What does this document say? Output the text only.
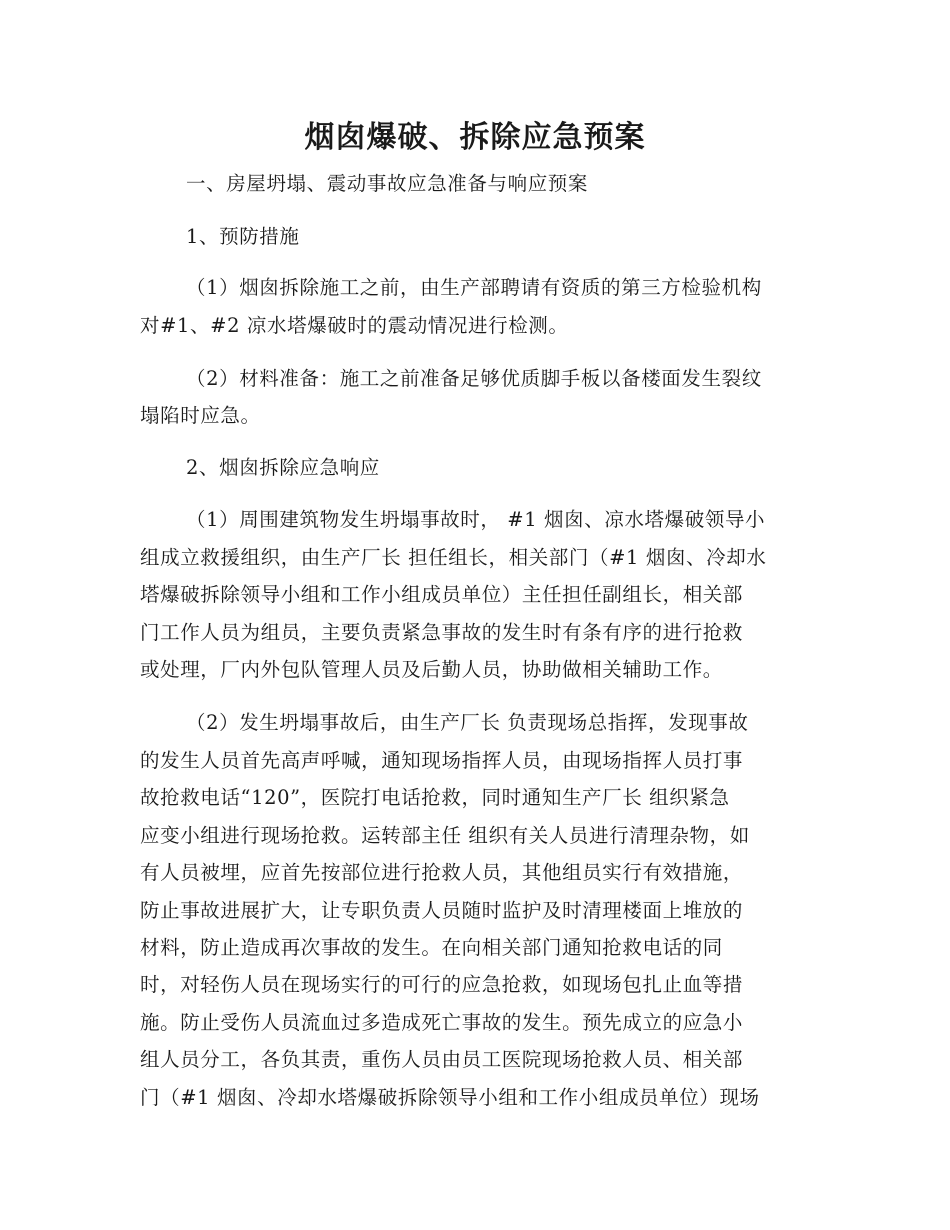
烟囱爆破、拆除应急预案
一、房屋坍塌、震动事故应急准备与响应预案
1、预防措施
（1）烟囱拆除施工之前，由生产部聘请有资质的第三方检验机构
对#1、#2 凉水塔爆破时的震动情况进行检测。
（2）材料准备：施工之前准备足够优质脚手板以备楼面发生裂纹
塌陷时应急。
2、烟囱拆除应急响应
（1）周围建筑物发生坍塌事故时， #1 烟囱、凉水塔爆破领导小
组成立救援组织，由生产厂长 担任组长，相关部门（#1 烟囱、冷却水
塔爆破拆除领导小组和工作小组成员单位）主任担任副组长，相关部
门工作人员为组员，主要负责紧急事故的发生时有条有序的进行抢救
或处理，厂内外包队管理人员及后勤人员，协助做相关辅助工作。
（2）发生坍塌事故后，由生产厂长 负责现场总指挥，发现事故
的发生人员首先高声呼喊，通知现场指挥人员，由现场指挥人员打事
故抢救电话“120”，医院打电话抢救，同时通知生产厂长 组织紧急
应变小组进行现场抢救。运转部主任 组织有关人员进行清理杂物，如
有人员被埋，应首先按部位进行抢救人员，其他组员实行有效措施，
防止事故进展扩大，让专职负责人员随时监护及时清理楼面上堆放的
材料，防止造成再次事故的发生。在向相关部门通知抢救电话的同
时，对轻伤人员在现场实行的可行的应急抢救，如现场包扎止血等措
施。防止受伤人员流血过多造成死亡事故的发生。预先成立的应急小
组人员分工，各负其责，重伤人员由员工医院现场抢救人员、相关部
门（#1 烟囱、冷却水塔爆破拆除领导小组和工作小组成员单位）现场
